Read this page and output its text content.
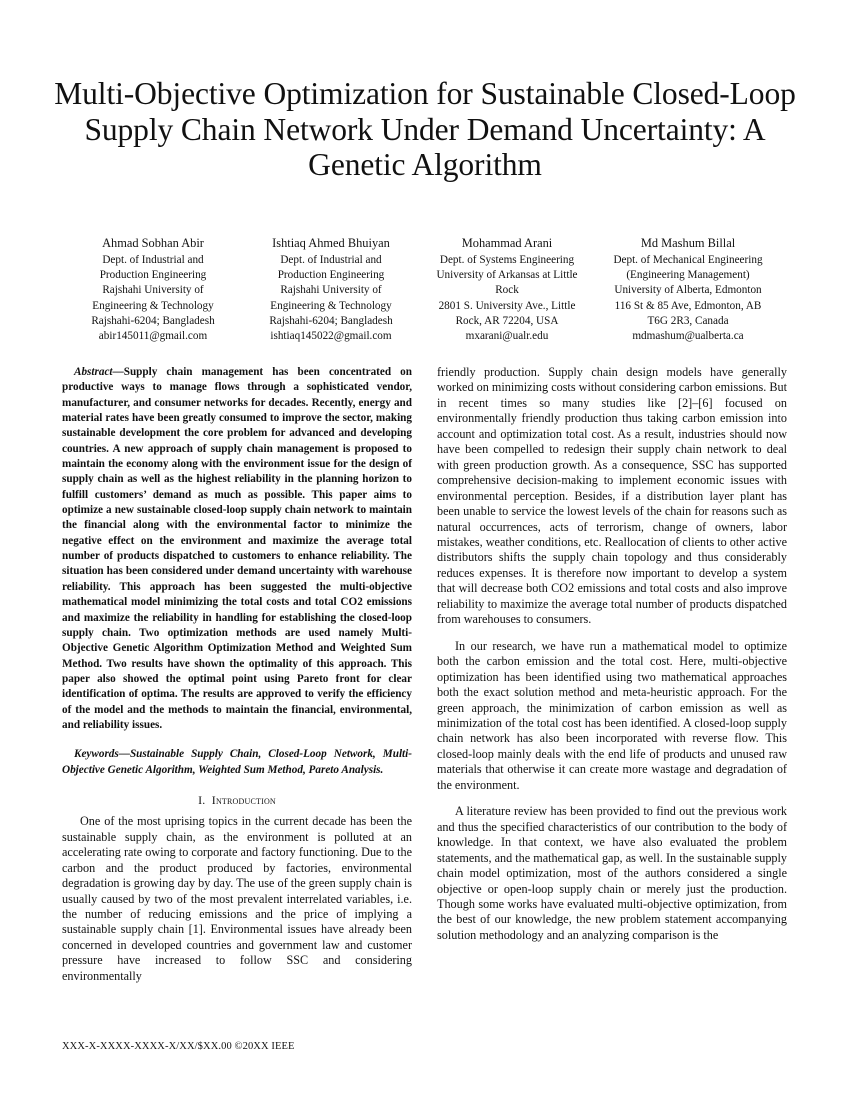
Multi-Objective Optimization for Sustainable Closed-Loop Supply Chain Network Under Demand Uncertainty: A Genetic Algorithm
Ahmad Sobhan Abir
Dept. of Industrial and
Production Engineering
Rajshahi University of
Engineering & Technology
Rajshahi-6204; Bangladesh
abir145011@gmail.com
Ishtiaq Ahmed Bhuiyan
Dept. of Industrial and
Production Engineering
Rajshahi University of
Engineering & Technology
Rajshahi-6204; Bangladesh
ishtiaq145022@gmail.com
Mohammad Arani
Dept. of Systems Engineering
University of Arkansas at Little
Rock
2801 S. University Ave., Little
Rock, AR 72204, USA
mxarani@ualr.edu
Md Mashum Billal
Dept. of Mechanical Engineering
(Engineering Management)
University of Alberta, Edmonton
116 St & 85 Ave, Edmonton, AB
T6G 2R3, Canada
mdmashum@ualberta.ca

Abstract—Supply chain management has been concentrated on productive ways to manage flows through a sophisticated vendor, manufacturer, and consumer networks for decades. Recently, energy and material rates have been greatly consumed to improve the sector, making sustainable development the core problem for advanced and developing countries. A new approach of supply chain management is proposed to maintain the economy along with the environment issue for the design of supply chain as well as the highest reliability in the planning horizon to fulfill customers’ demand as much as possible. This paper aims to optimize a new sustainable closed-loop supply chain network to maintain the financial along with the environmental factor to minimize the negative effect on the environment and maximize the average total number of products dispatched to customers to enhance reliability. The situation has been considered under demand uncertainty with warehouse reliability. This approach has been suggested the multi-objective mathematical model minimizing the total costs and total CO2 emissions and maximize the reliability in handling for establishing the closed-loop supply chain. Two optimization methods are used namely Multi-Objective Genetic Algorithm Optimization Method and Weighted Sum Method. Two results have shown the optimality of this approach. This paper also showed the optimal point using Pareto front for clear identification of optima. The results are approved to verify the efficiency of the model and the methods to maintain the financial, environmental, and reliability issues.

Keywords—Sustainable Supply Chain, Closed-Loop Network, Multi-Objective Genetic Algorithm, Weighted Sum Method, Pareto Analysis.

I. Introduction

One of the most uprising topics in the current decade has been the sustainable supply chain, as the environment is polluted at an accelerating rate owing to corporate and factory functioning. Due to the carbon and the product produced by factories, environmental degradation is growing day by day. The use of the green supply chain is usually caused by two of the most prevalent interrelated variables, i.e. the number of reducing emissions and the price of implying a sustainable supply chain [1]. Environmental issues have already been concerned in developed countries and government law and customer pressure have increased to follow SSC and considering environmentally

friendly production. Supply chain design models have generally worked on minimizing costs without considering carbon emissions. But in recent times so many studies like [2]–[6] focused on environmentally friendly production thus taking carbon emission into account and optimization total cost. As a result, industries should now have been compelled to redesign their supply chain network to deal with green production growth. As a consequence, SSC has supported comprehensive decision-making to implement economic issues with environmental perception. Besides, if a distribution layer plant has been unable to service the lowest levels of the chain for reasons such as natural occurrences, acts of terrorism, change of owners, labor mistakes, weather conditions, etc. Reallocation of clients to other active distributors shifts the supply chain topology and thus considerably reduces expenses. It is therefore now important to develop a system that will decrease both CO2 emissions and total costs and also improve reliability to maximize the average total number of products dispatched from warehouses to consumers.

In our research, we have run a mathematical model to optimize both the carbon emission and the total cost. Here, multi-objective optimization has been identified using two mathematical approaches both the exact solution method and meta-heuristic approach. For the green approach, the minimization of carbon emission as well as minimization of the total cost has been identified. A closed-loop supply chain network has also been incorporated with reverse flow. This closed-loop mainly deals with the end life of products and unused raw materials that otherwise it can create more wastage and degradation of the environment.

A literature review has been provided to find out the previous work and thus the specified characteristics of our contribution to the body of knowledge. In that context, we have also evaluated the problem statements, and the mathematical gap, as well. In the sustainable supply chain model optimization, most of the authors considered a single objective or open-loop supply chain or merely just the production. Though some works have evaluated multi-objective optimization, from the best of our knowledge, the new problem statement accompanying solution methodology and an analyzing comparison is the

XXX-X-XXXX-XXXX-X/XX/$XX.00 ©20XX IEEE
